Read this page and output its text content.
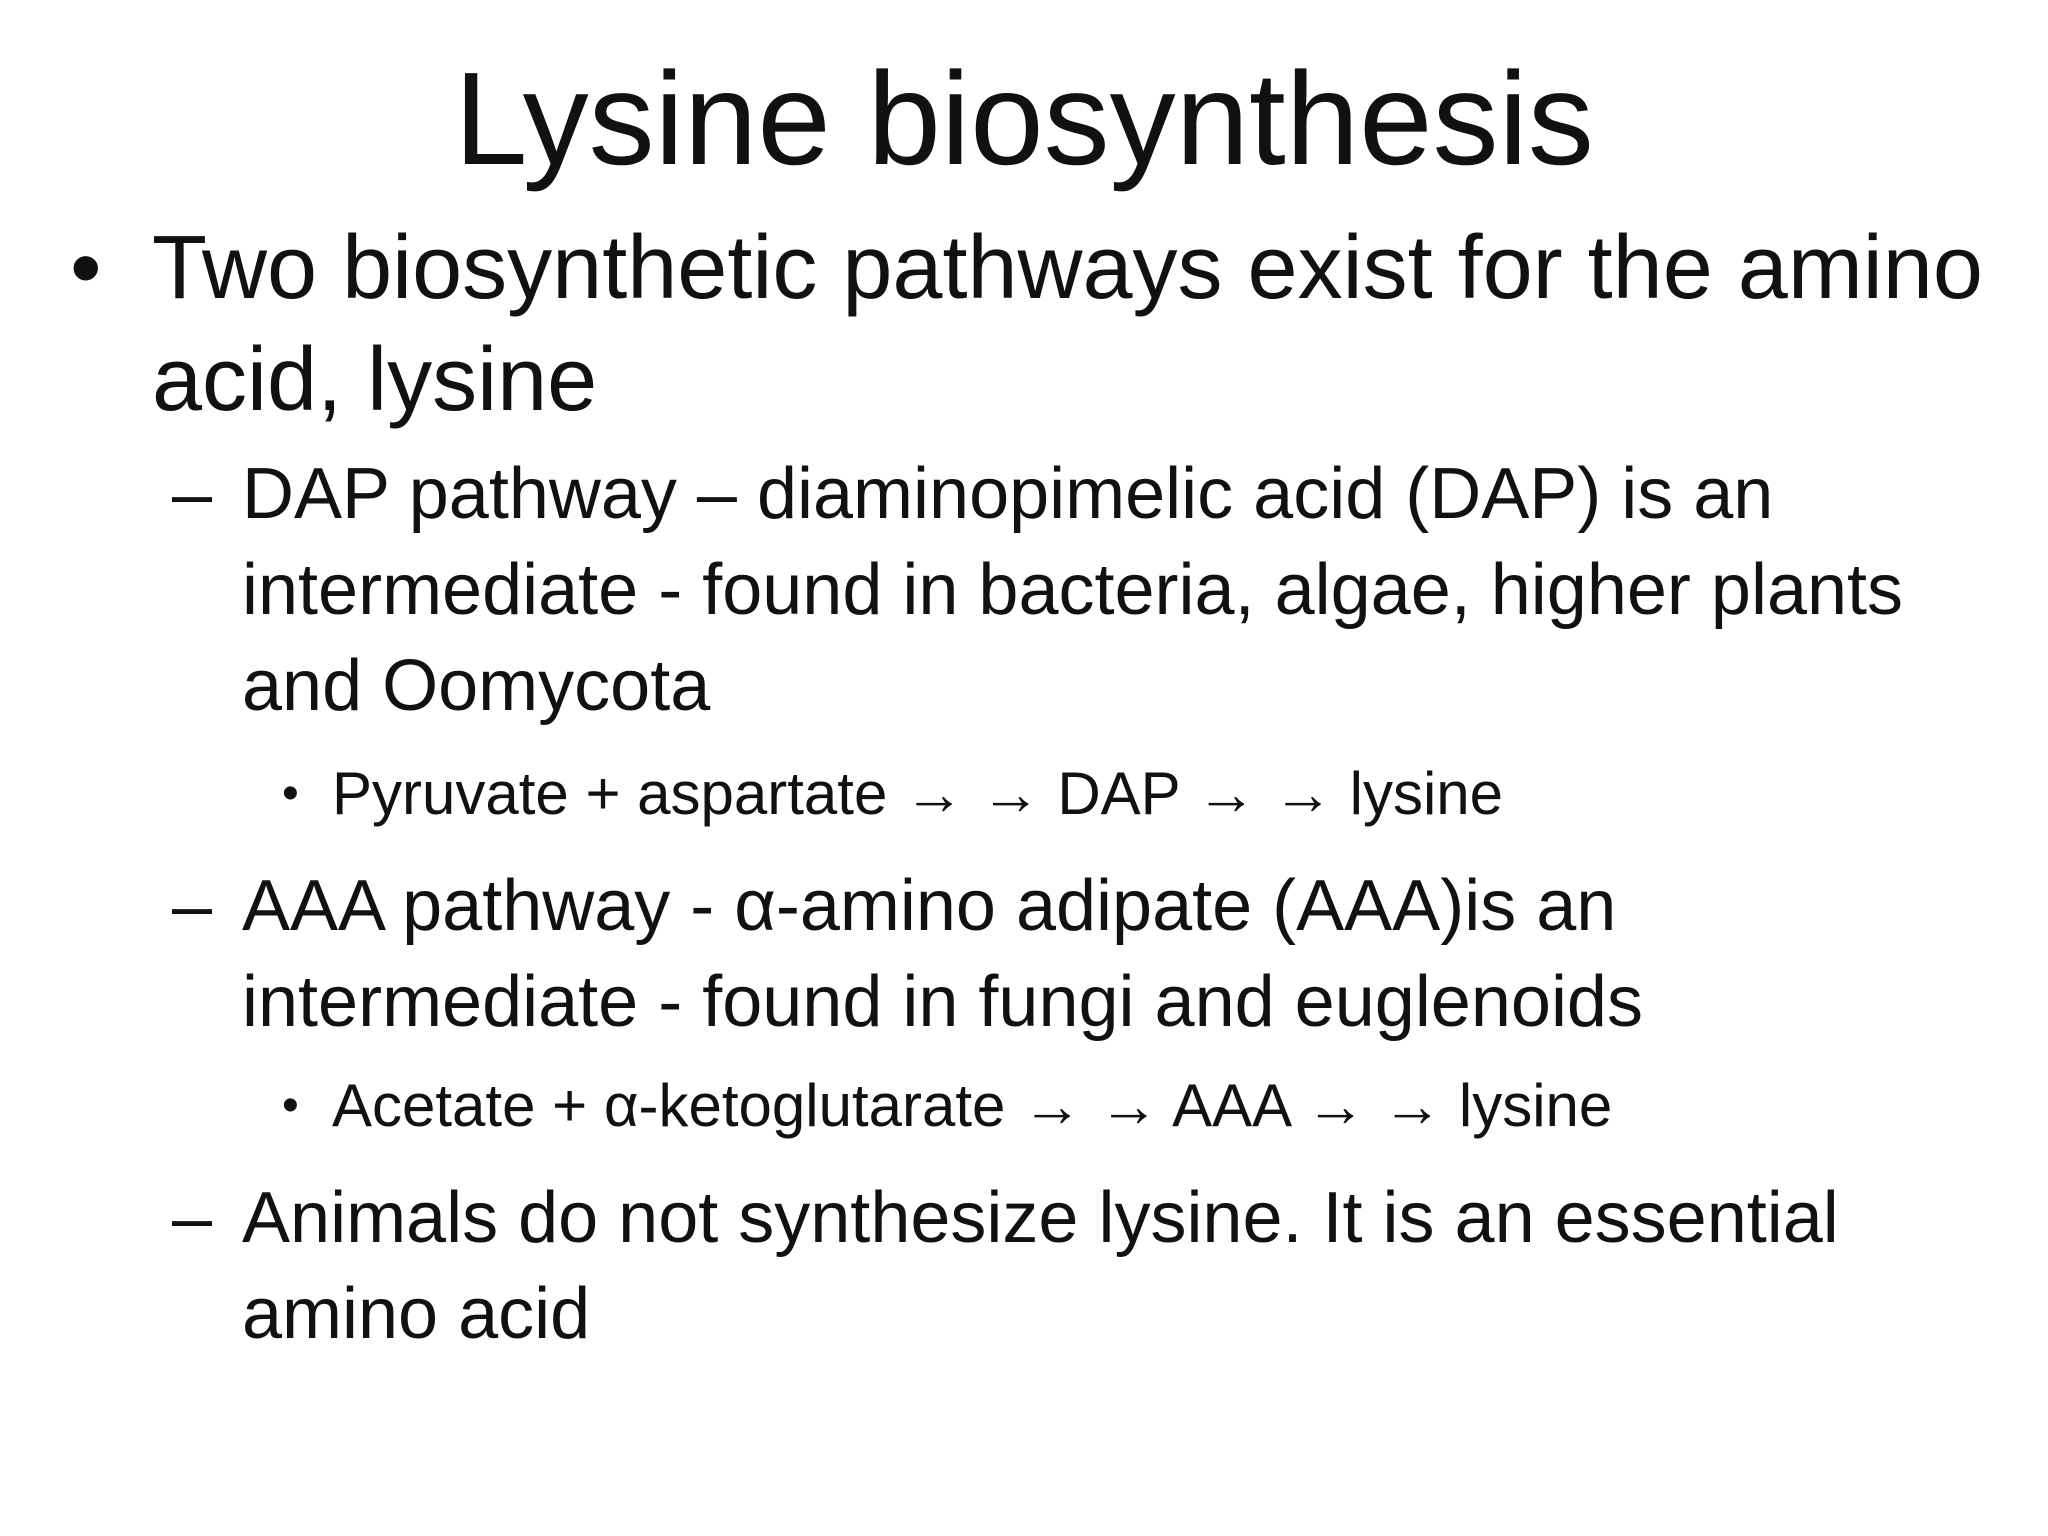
Lysine biosynthesis
• Two biosynthetic pathways exist for the amino acid, lysine
– DAP pathway – diaminopimelic acid (DAP) is an intermediate - found in bacteria, algae, higher plants and Oomycota
• Pyruvate + aspartate → → DAP → → lysine
– AAA pathway - α-amino adipate (AAA)is an intermediate - found in fungi and euglenoids
• Acetate + α-ketoglutarate → → AAA → → lysine
– Animals do not synthesize lysine. It is an essential amino acid
